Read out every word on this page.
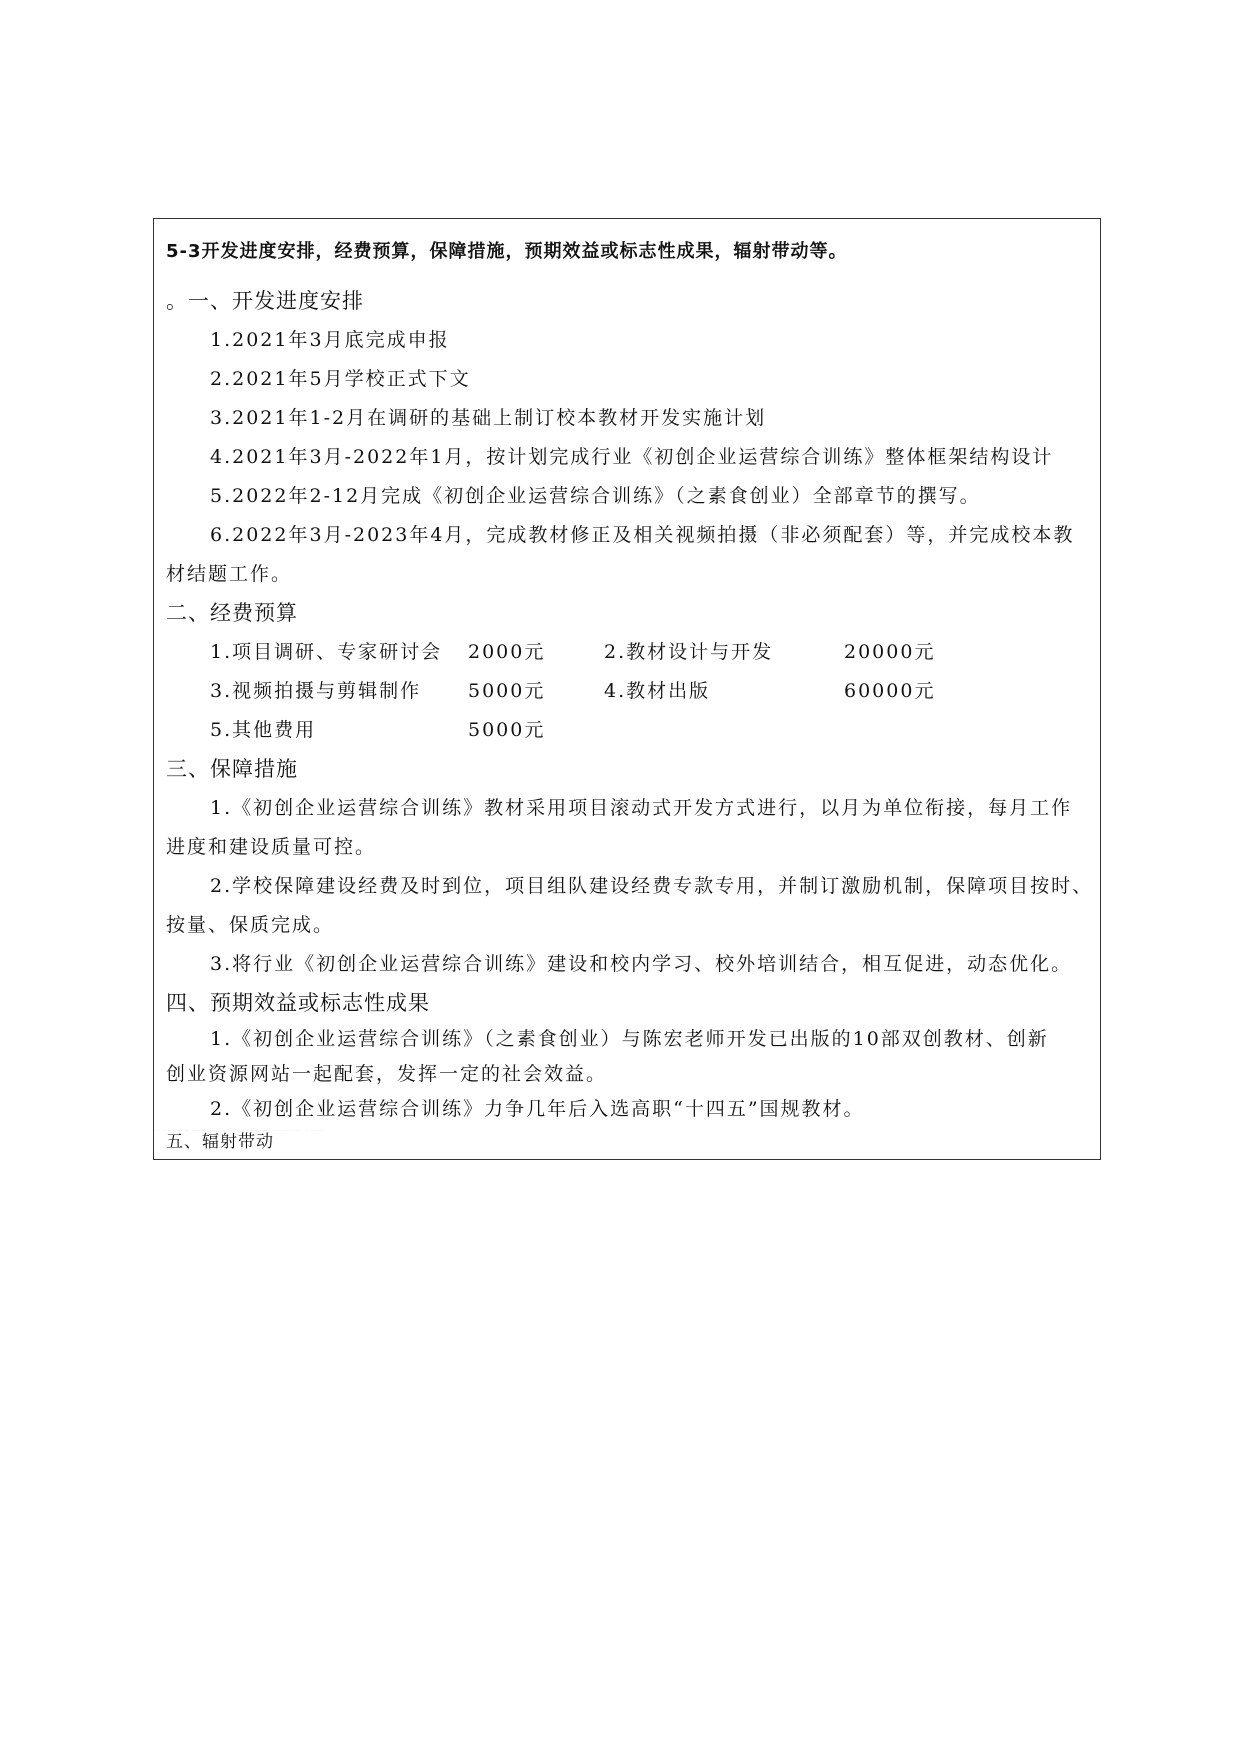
5-3开发进度安排，经费预算，保障措施，预期效益或标志性成果，辐射带动等。
。一、开发进度安排
1.2021年3月底完成申报
2.2021年5月学校正式下文
3.2021年1-2月在调研的基础上制订校本教材开发实施计划
4.2021年3月-2022年1月，按计划完成行业《初创企业运营综合训练》整体框架结构设计
5.2022年2-12月完成《初创企业运营综合训练》（之素食创业）全部章节的撰写。
6.2022年3月-2023年4月，完成教材修正及相关视频拍摄（非必须配套）等，并完成校本教
材结题工作。
二、经费预算
1.项目调研、专家研讨会 2000元	2.教材设计与开发	20000元
3.视频拍摄与剪辑制作 5000元	4.教材出版	60000元
5.其他费用	5000元
三、保障措施
1.《初创企业运营综合训练》教材采用项目滚动式开发方式进行，以月为单位衔接，每月工作
进度和建设质量可控。
2.学校保障建设经费及时到位，项目组队建设经费专款专用，并制订激励机制，保障项目按时、
按量、保质完成。
3.将行业《初创企业运营综合训练》建设和校内学习、校外培训结合，相互促进，动态优化。
四、预期效益或标志性成果
1.《初创企业运营综合训练》（之素食创业）与陈宏老师开发已出版的10部双创教材、创新
创业资源网站一起配套，发挥一定的社会效益。
2.《初创企业运营综合训练》力争几年后入选高职“十四五”国规教材。
五、辐射带动
1. 中小企业创业与经营专业自主研发的教材《初创企业运营综合管理》（之素食创业）一旦 获得国家级规划教材资格，不仅能树立创业专业品牌形象，而且能增强创业专业课程知名度和影响 力 2.中小企业创业与经营专业受广州市职业能力培训指导中心委托已经完成了粤菜师傅培训课程 的工作，随着粤菜师傅培训课程的不断推进，将创业系列实训课程与粤菜师傅培训融合，能进一步扩
